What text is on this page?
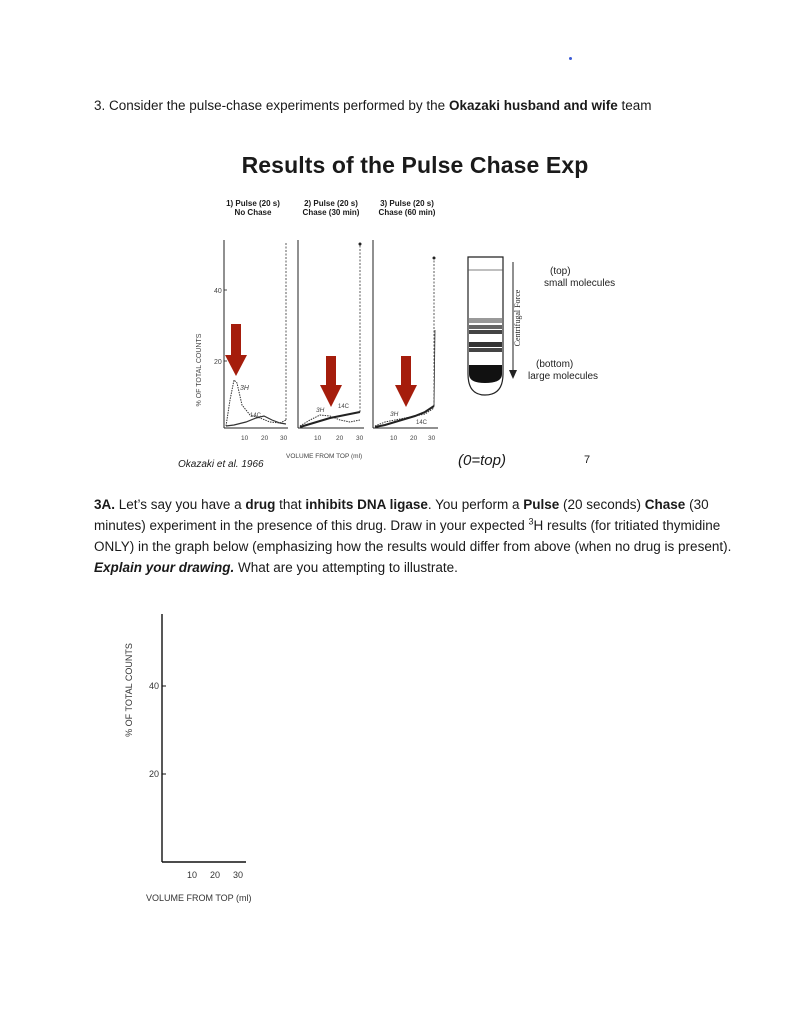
3. Consider the pulse-chase experiments performed by the Okazaki husband and wife team
Results of the Pulse Chase Exp
1) Pulse (20 s)
No Chase
2) Pulse (20 s)
Chase (30 min)
3) Pulse (20 s)
Chase (60 min)
% OF TOTAL COUNTS
40
20
3H
14C
10 20 30
3H 14C
10 20 30
3H
14C
10 20 30
VOLUME FROM TOP (ml)
Centrifugal Force
(top)
small molecules
(bottom)
large molecules
Okazaki et al. 1966	(0=top)	7
3A. Let’s say you have a drug that inhibits DNA ligase. You perform a Pulse (20 seconds) Chase (30 minutes) experiment in the presence of this drug. Draw in your expected $^3$H results (for tritiated thymidine ONLY) in the graph below (emphasizing how the results would differ from above (when no drug is present). Explain your drawing. What are you attempting to illustrate.
% OF TOTAL COUNTS 40
20
10 20 30
VOLUME FROM TOP (ml)
